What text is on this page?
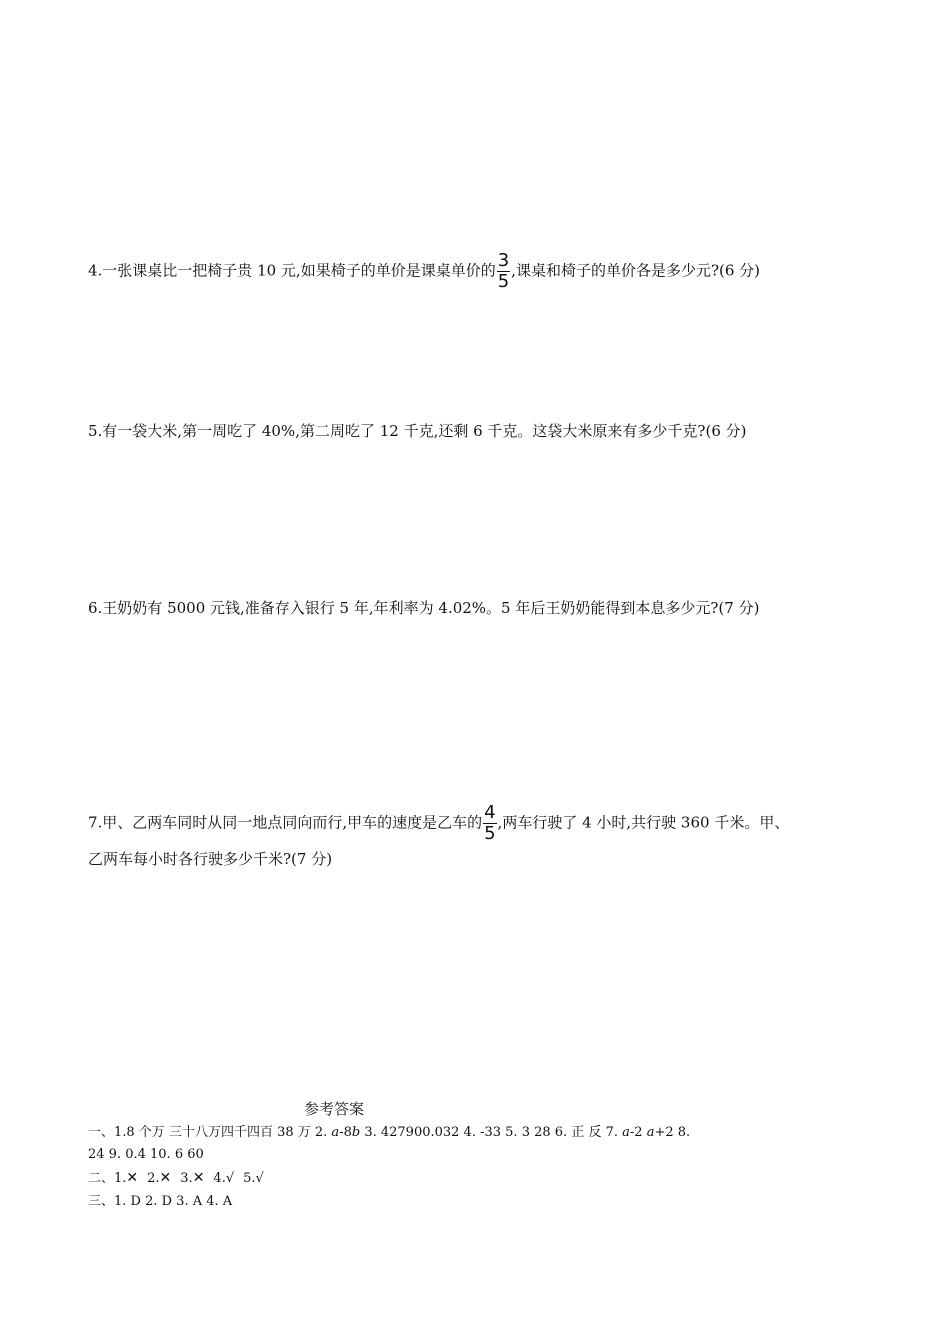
4.一张课桌比一把椅子贵 10 元,如果椅子的单价是课桌单价的 $\frac{3}{5}$ ,课桌和椅子的单价各是多少元?(6 分)
5.有一袋大米,第一周吃了 40%,第二周吃了 12 千克,还剩 6 千克。这袋大米原来有多少千克?(6 分)
6.王奶奶有 5000 元钱,准备存入银行 5 年,年利率为 4.02%。5 年后王奶奶能得到本息多少元?(7 分)
7.甲、乙两车同时从同一地点同向而行,甲车的速度是乙车的 $\frac{4}{5}$ ,两车行驶了 4 小时,共行驶 360 千米。甲、
乙两车每小时各行驶多少千米?(7 分)
参考答案
一、1.8 个万 三十八万四千四百 38 万 2. a-8b 3. 427900.032 4. -33 5. 3 28 6. 正 反 7. a-2 a+2 8.
24 9. 0.4 10. 6 60
二、1.✕ 2.✕ 3.✕ 4.√ 5.√
三、1. D 2. D 3. A 4. A
